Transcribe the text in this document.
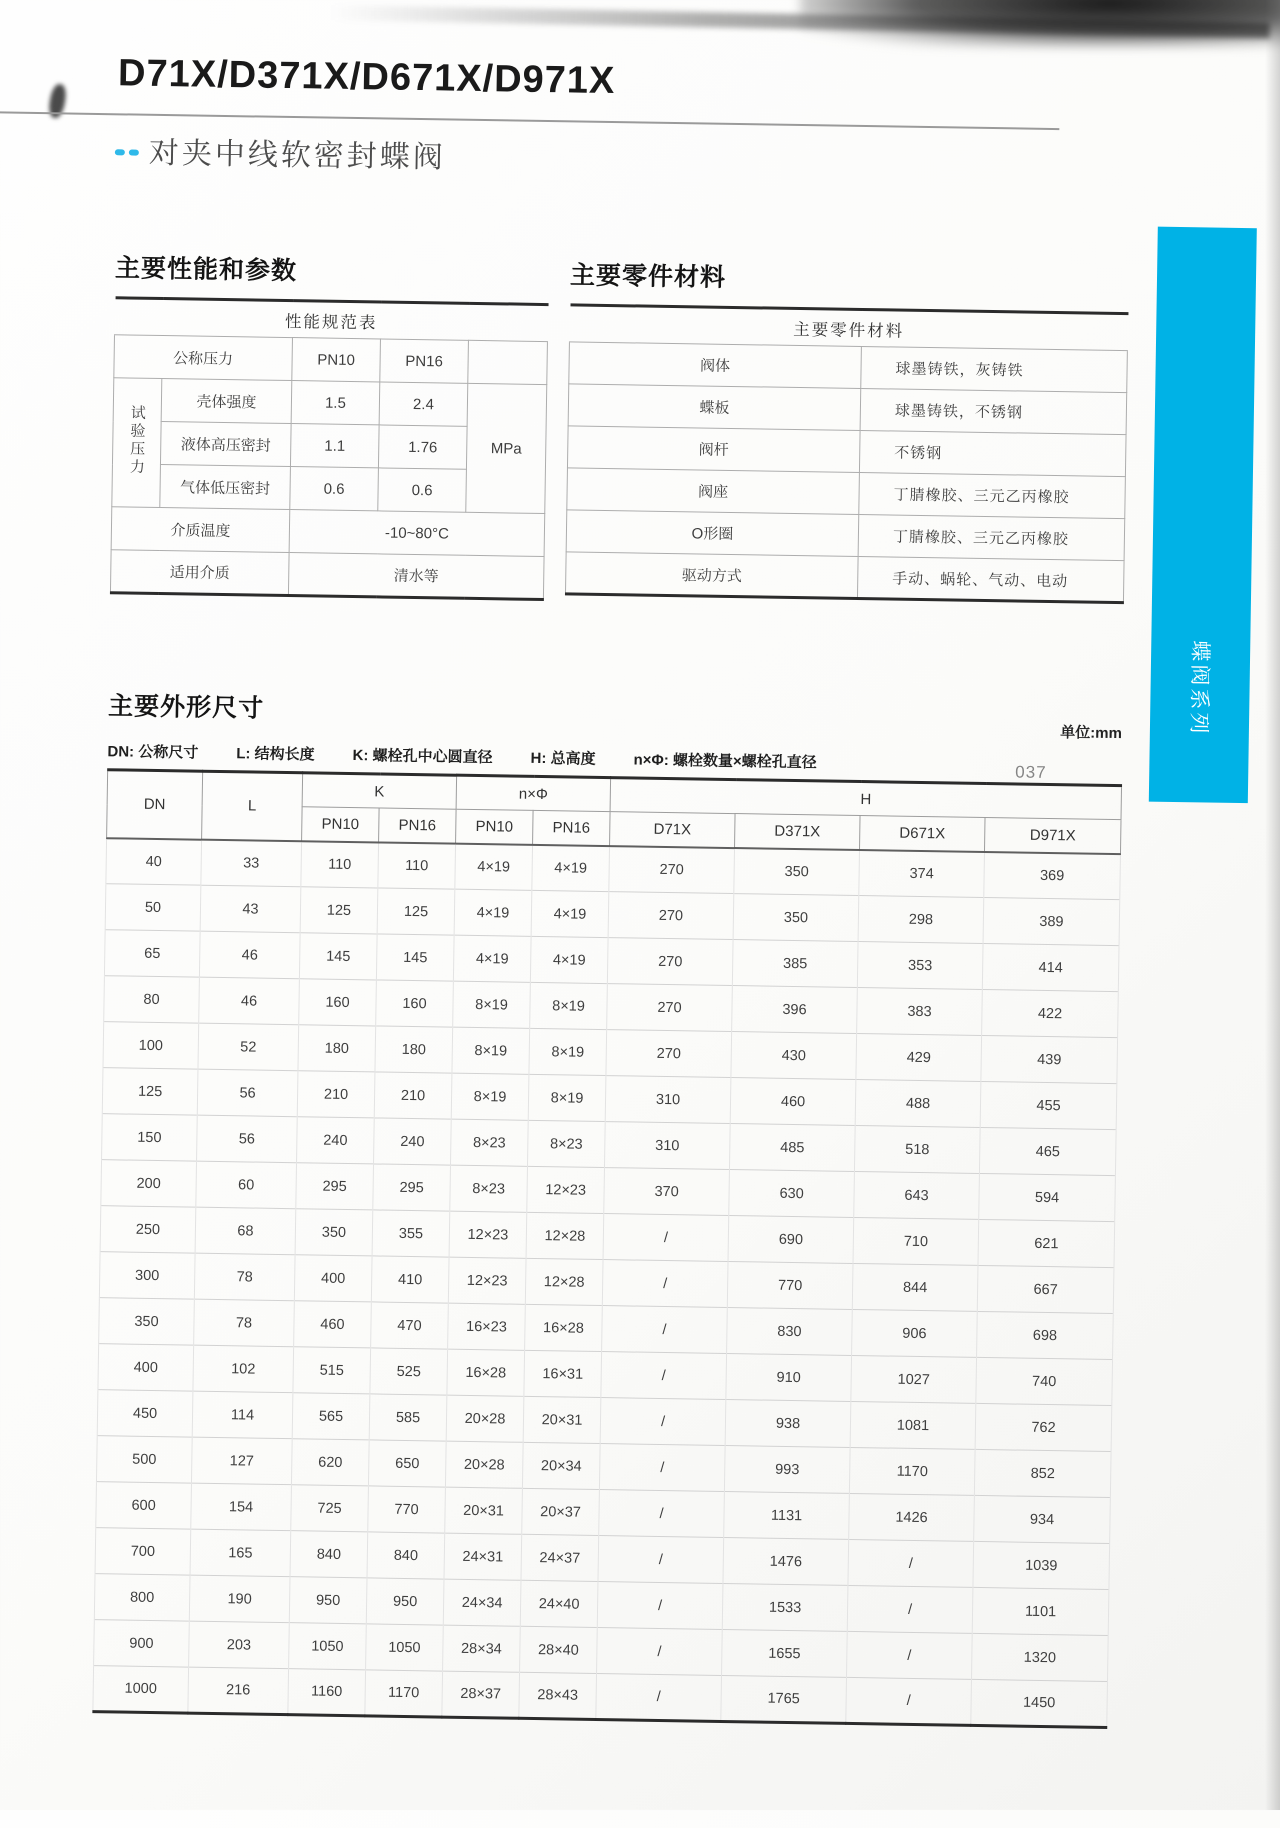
D71X/D371X/D671X/D971X
对夹中线软密封蝶阀
主要性能和参数
性能规范表				
公称压力		PN10	PN16	
试验压力	壳体强度	1.5	2.4	MPa
	液体高压密封	1.1	1.76	
	气体低压密封	0.6	0.6	
介质温度		-10~80°C		
适用介质		清水等		
主要零件材料
主要零件材料	
阀体	球墨铸铁，灰铸铁
蝶板	球墨铸铁，不锈钢
阀杆	不锈钢
阀座	丁腈橡胶、三元乙丙橡胶
O形圈	丁腈橡胶、三元乙丙橡胶
驱动方式	手动、蜗轮、气动、电动
主要外形尺寸
单位:mm
DN: 公称尺寸	L: 结构长度	K: 螺栓孔中心圆直径	H: 总高度	n×Φ: 螺栓数量×螺栓孔直径
DN	L	K		n×Φ		H			
		PN10	PN16	PN10	PN16	D71X	D371X	D671X	D971X
40	33	110	110	4×19	4×19	270	350	374	369
50	43	125	125	4×19	4×19	270	350	298	389
65	46	145	145	4×19	4×19	270	385	353	414
80	46	160	160	8×19	8×19	270	396	383	422
100	52	180	180	8×19	8×19	270	430	429	439
125	56	210	210	8×19	8×19	310	460	488	455
150	56	240	240	8×23	8×23	310	485	518	465
200	60	295	295	8×23	12×23	370	630	643	594
250	68	350	355	12×23	12×28	/	690	710	621
300	78	400	410	12×23	12×28	/	770	844	667
350	78	460	470	16×23	16×28	/	830	906	698
400	102	515	525	16×28	16×31	/	910	1027	740
450	114	565	585	20×28	20×31	/	938	1081	762
500	127	620	650	20×28	20×34	/	993	1170	852
600	154	725	770	20×31	20×37	/	1131	1426	934
700	165	840	840	24×31	24×37	/	1476	/	1039
800	190	950	950	24×34	24×40	/	1533	/	1101
900	203	1050	1050	28×34	28×40	/	1655	/	1320
1000	216	1160	1170	28×37	28×43	/	1765	/	1450
蝶阀系列
037
